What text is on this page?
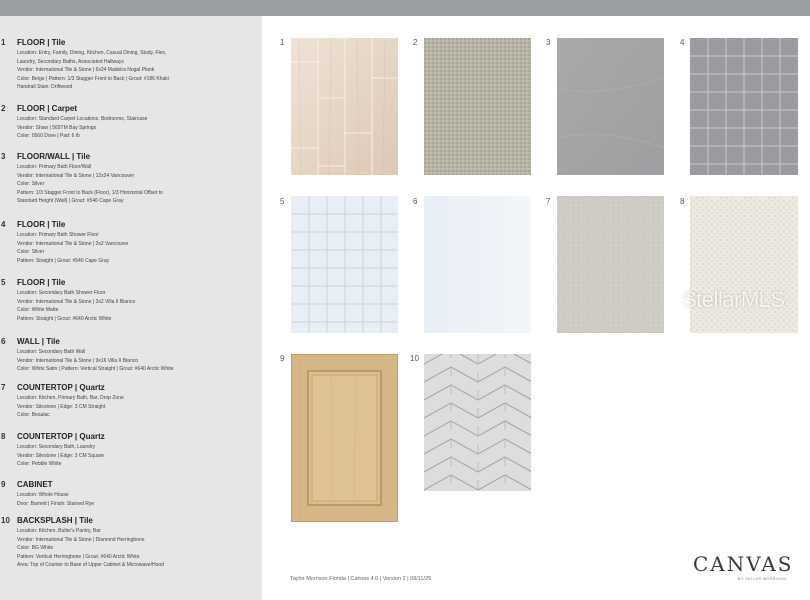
1 FLOOR | Tile
Location: Entry, Family, Dining, Kitchen, Casual Dining, Study, Flex,
Laundry, Secondary Baths, Associated Hallways
Vendor: International Tile & Stone | 6x24 Madeira Nogal Plank
Color: Beige | Pattern: 1/3 Stagger Front to Back | Grout: #186 Khaki
Handrail Stain: Driftwood
2 FLOOR | Carpet
Location: Standard Carpet Locations, Bedrooms, Staircase
Vendor: Shaw | 565TM Bay Springs
Color: 0560 Dove | Pad: 6 lb
3 FLOOR/WALL | Tile
Location: Primary Bath Floor/Wall
Vendor: International Tile & Stone | 12x24 Vancouver
Color: Silver
Pattern: 1/3 Stagger Front to Back (Floor), 1/3 Horizontal Offset to
Standard Height (Wall) | Grout: #546 Cape Gray
4 FLOOR | Tile
Location: Primary Bath Shower Floor
Vendor: International Tile & Stone | 2x2 Vancouver
Color: Silver
Pattern: Straight | Grout: #546 Cape Gray
5 FLOOR | Tile
Location: Secondary Bath Shower Floor
Vendor: International Tile & Stone | 2x2 Villa II Bianco
Color: White Matte
Pattern: Straight | Grout: #640 Arctic White
6 WALL | Tile
Location: Secondary Bath Wall
Vendor: International Tile & Stone | 9x16 Villa II Bianco
Color: White Satin | Pattern: Vertical Straight | Grout: #640 Arctic White
7 COUNTERTOP | Quartz
Location: Kitchen, Primary Bath, Bar, Drop Zone
Vendor: Silestone | Edge: 3 CM Straight
Color: Beaulac
8 COUNTERTOP | Quartz
Location: Secondary Bath, Laundry
Vendor: Silestone | Edge: 3 CM Square
Color: Pebble White
9 CABINET
Location: Whole House
Door: Barnett | Finish: Stained Rye
10 BACKSPLASH | Tile
Location: Kitchen, Butler's Pantry, Bar
Vendor: International Tile & Stone | Diamond Herringbone
Color: BG White
Pattern: Vertical Herringbone | Grout: #640 Arctic White
Area: Top of Counter to Base of Upper Cabinet & Microwave/Hood
1	2	3	4
5	6	7	8
9	10
StellarMLS
Taylor Morrison Florida | Canvas 4.0 | Version 2 | 08/11/25
CANVAS
BY TAYLOR MORRISON
